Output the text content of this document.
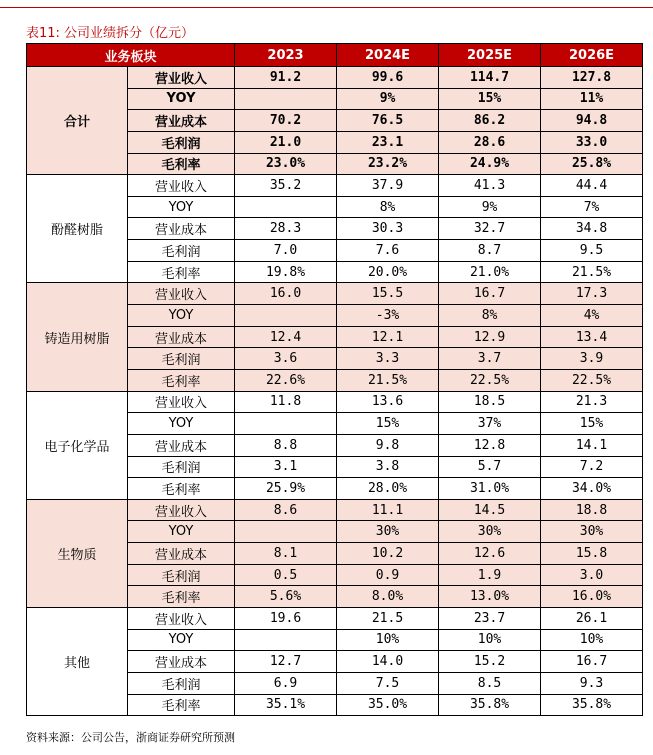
表11: 公司业绩拆分（亿元）
业务板块		2023	2024E	2025E	2026E
合计	营业收入	91.2	99.6	114.7	127.8
	YOY		9%	15%	11%
	营业成本	70.2	76.5	86.2	94.8
	毛利润	21.0	23.1	28.6	33.0
	毛利率	23.0%	23.2%	24.9%	25.8%
酚醛树脂	营业收入	35.2	37.9	41.3	44.4
	YOY		8%	9%	7%
	营业成本	28.3	30.3	32.7	34.8
	毛利润	7.0	7.6	8.7	9.5
	毛利率	19.8%	20.0%	21.0%	21.5%
铸造用树脂	营业收入	16.0	15.5	16.7	17.3
	YOY		-3%	8%	4%
	营业成本	12.4	12.1	12.9	13.4
	毛利润	3.6	3.3	3.7	3.9
	毛利率	22.6%	21.5%	22.5%	22.5%
电子化学品	营业收入	11.8	13.6	18.5	21.3
	YOY		15%	37%	15%
	营业成本	8.8	9.8	12.8	14.1
	毛利润	3.1	3.8	5.7	7.2
	毛利率	25.9%	28.0%	31.0%	34.0%
生物质	营业收入	8.6	11.1	14.5	18.8
	YOY		30%	30%	30%
	营业成本	8.1	10.2	12.6	15.8
	毛利润	0.5	0.9	1.9	3.0
	毛利率	5.6%	8.0%	13.0%	16.0%
其他	营业收入	19.6	21.5	23.7	26.1
	YOY		10%	10%	10%
	营业成本	12.7	14.0	15.2	16.7
	毛利润	6.9	7.5	8.5	9.3
	毛利率	35.1%	35.0%	35.8%	35.8%
资料来源：公司公告，浙商证券研究所预测
